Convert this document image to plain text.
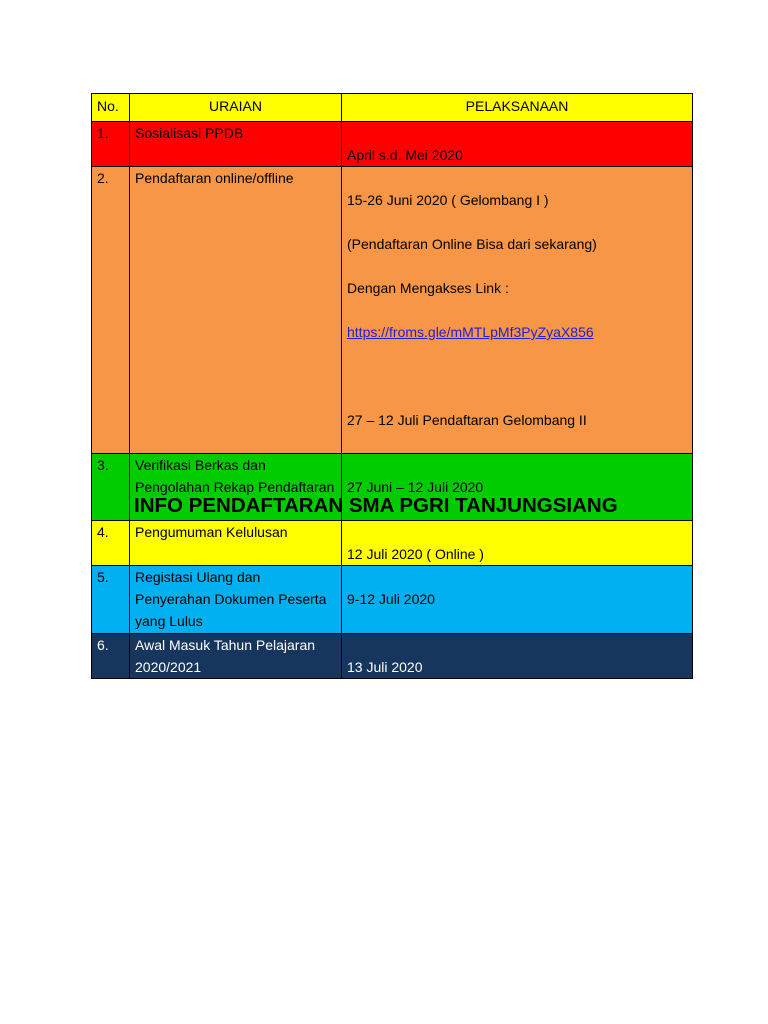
No.	URAIAN	PELAKSANAAN
1.	Sosialisasi PPDB	April s.d. Mei 2020

2.	Pendaftaran online/offline	15-26 Juni 2020 ( Gelombang I )

(Pendaftaran Online Bisa dari sekarang)

Dengan Mengakses Link :

https://froms.gle/mMTLpMf3PyZyaX856

27 – 12 Juli Pendaftaran Gelombang II

3.	Verifikasi Berkas dan Pengolahan Rekap Pendaftaran	27 Juni – 12 Juli 2020

4.	Pengumuman Kelulusan	12 Juli 2020 ( Online )

5.	Registasi Ulang dan Penyerahan Dokumen Peserta yang Lulus	9-12 Juli 2020

6.	Awal Masuk Tahun Pelajaran 2020/2021	13 Juli 2020

INFO PENDAFTARAN SMA PGRI TANJUNGSIANG
